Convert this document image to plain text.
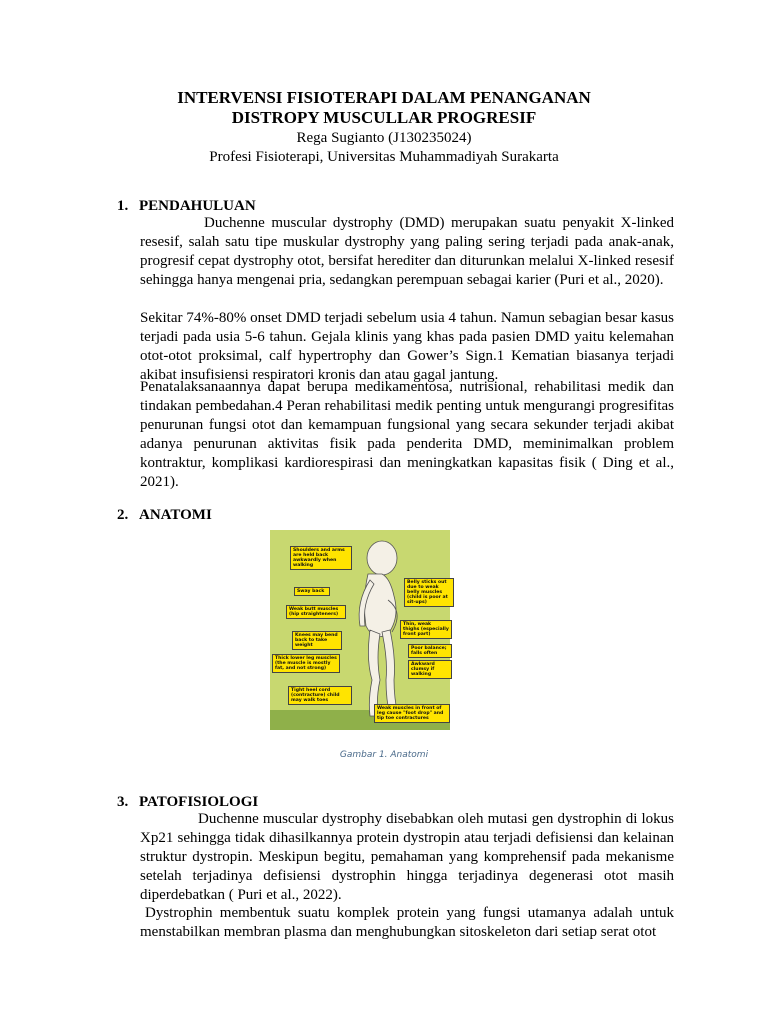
INTERVENSI FISIOTERAPI DALAM PENANGANAN
DISTROPY MUSCULLAR PROGRESIF
Rega Sugianto (J130235024)
Profesi Fisioterapi, Universitas Muhammadiyah Surakarta
1. PENDAHULUAN
Duchenne muscular dystrophy (DMD) merupakan suatu penyakit X-linked resesif, salah satu tipe muskular dystrophy yang paling sering terjadi pada anak-anak, progresif cepat dystrophy otot, bersifat herediter dan diturunkan melalui X-linked resesif sehingga hanya mengenai pria, sedangkan perempuan sebagai karier (Puri et al., 2020).
Sekitar 74%-80% onset DMD terjadi sebelum usia 4 tahun. Namun sebagian besar kasus terjadi pada usia 5-6 tahun. Gejala klinis yang khas pada pasien DMD yaitu kelemahan otot-otot proksimal, calf hypertrophy dan Gower’s Sign.1 Kematian biasanya terjadi akibat insufisiensi respiratori kronis dan atau gagal jantung.
Penatalaksanaannya dapat berupa medikamentosa, nutrisional, rehabilitasi medik dan tindakan pembedahan.4 Peran rehabilitasi medik penting untuk mengurangi progresifitas penurunan fungsi otot dan kemampuan fungsional yang secara sekunder terjadi akibat adanya penurunan aktivitas fisik pada penderita DMD, meminimalkan problem kontraktur, komplikasi kardiorespirasi dan meningkatkan kapasitas fisik ( Ding et al., 2021).
2. ANATOMI
Shoulders and arms are held back awkwardly when walking
Sway back
Weak butt muscles (hip straighteners)
Knees may bend back to take weight
Thick lower leg muscles (the muscle is mostly fat, and not strong)
Tight heel cord (contracture) child may walk toes
Belly sticks out due to weak belly muscles (child is poor at sit-ups)
Thin, weak thighs (especially front part)
Poor balance; falls often
Awkward clumsy if walking
Weak muscles in front of leg cause "foot drop" and tip toe contractures
Gambar 1. Anatomi
3. PATOFISIOLOGI
Duchenne muscular dystrophy disebabkan oleh mutasi gen dystrophin di lokus Xp21 sehingga tidak dihasilkannya protein dystropin atau terjadi defisiensi dan kelainan struktur dystropin. Meskipun begitu, pemahaman yang komprehensif pada mekanisme setelah terjadinya defisiensi dystrophin hingga terjadinya degenerasi otot masih diperdebatkan ( Puri et al., 2022).
Dystrophin membentuk suatu komplek protein yang fungsi utamanya adalah untuk menstabilkan membran plasma dan menghubungkan sitoskeleton dari setiap serat otot
